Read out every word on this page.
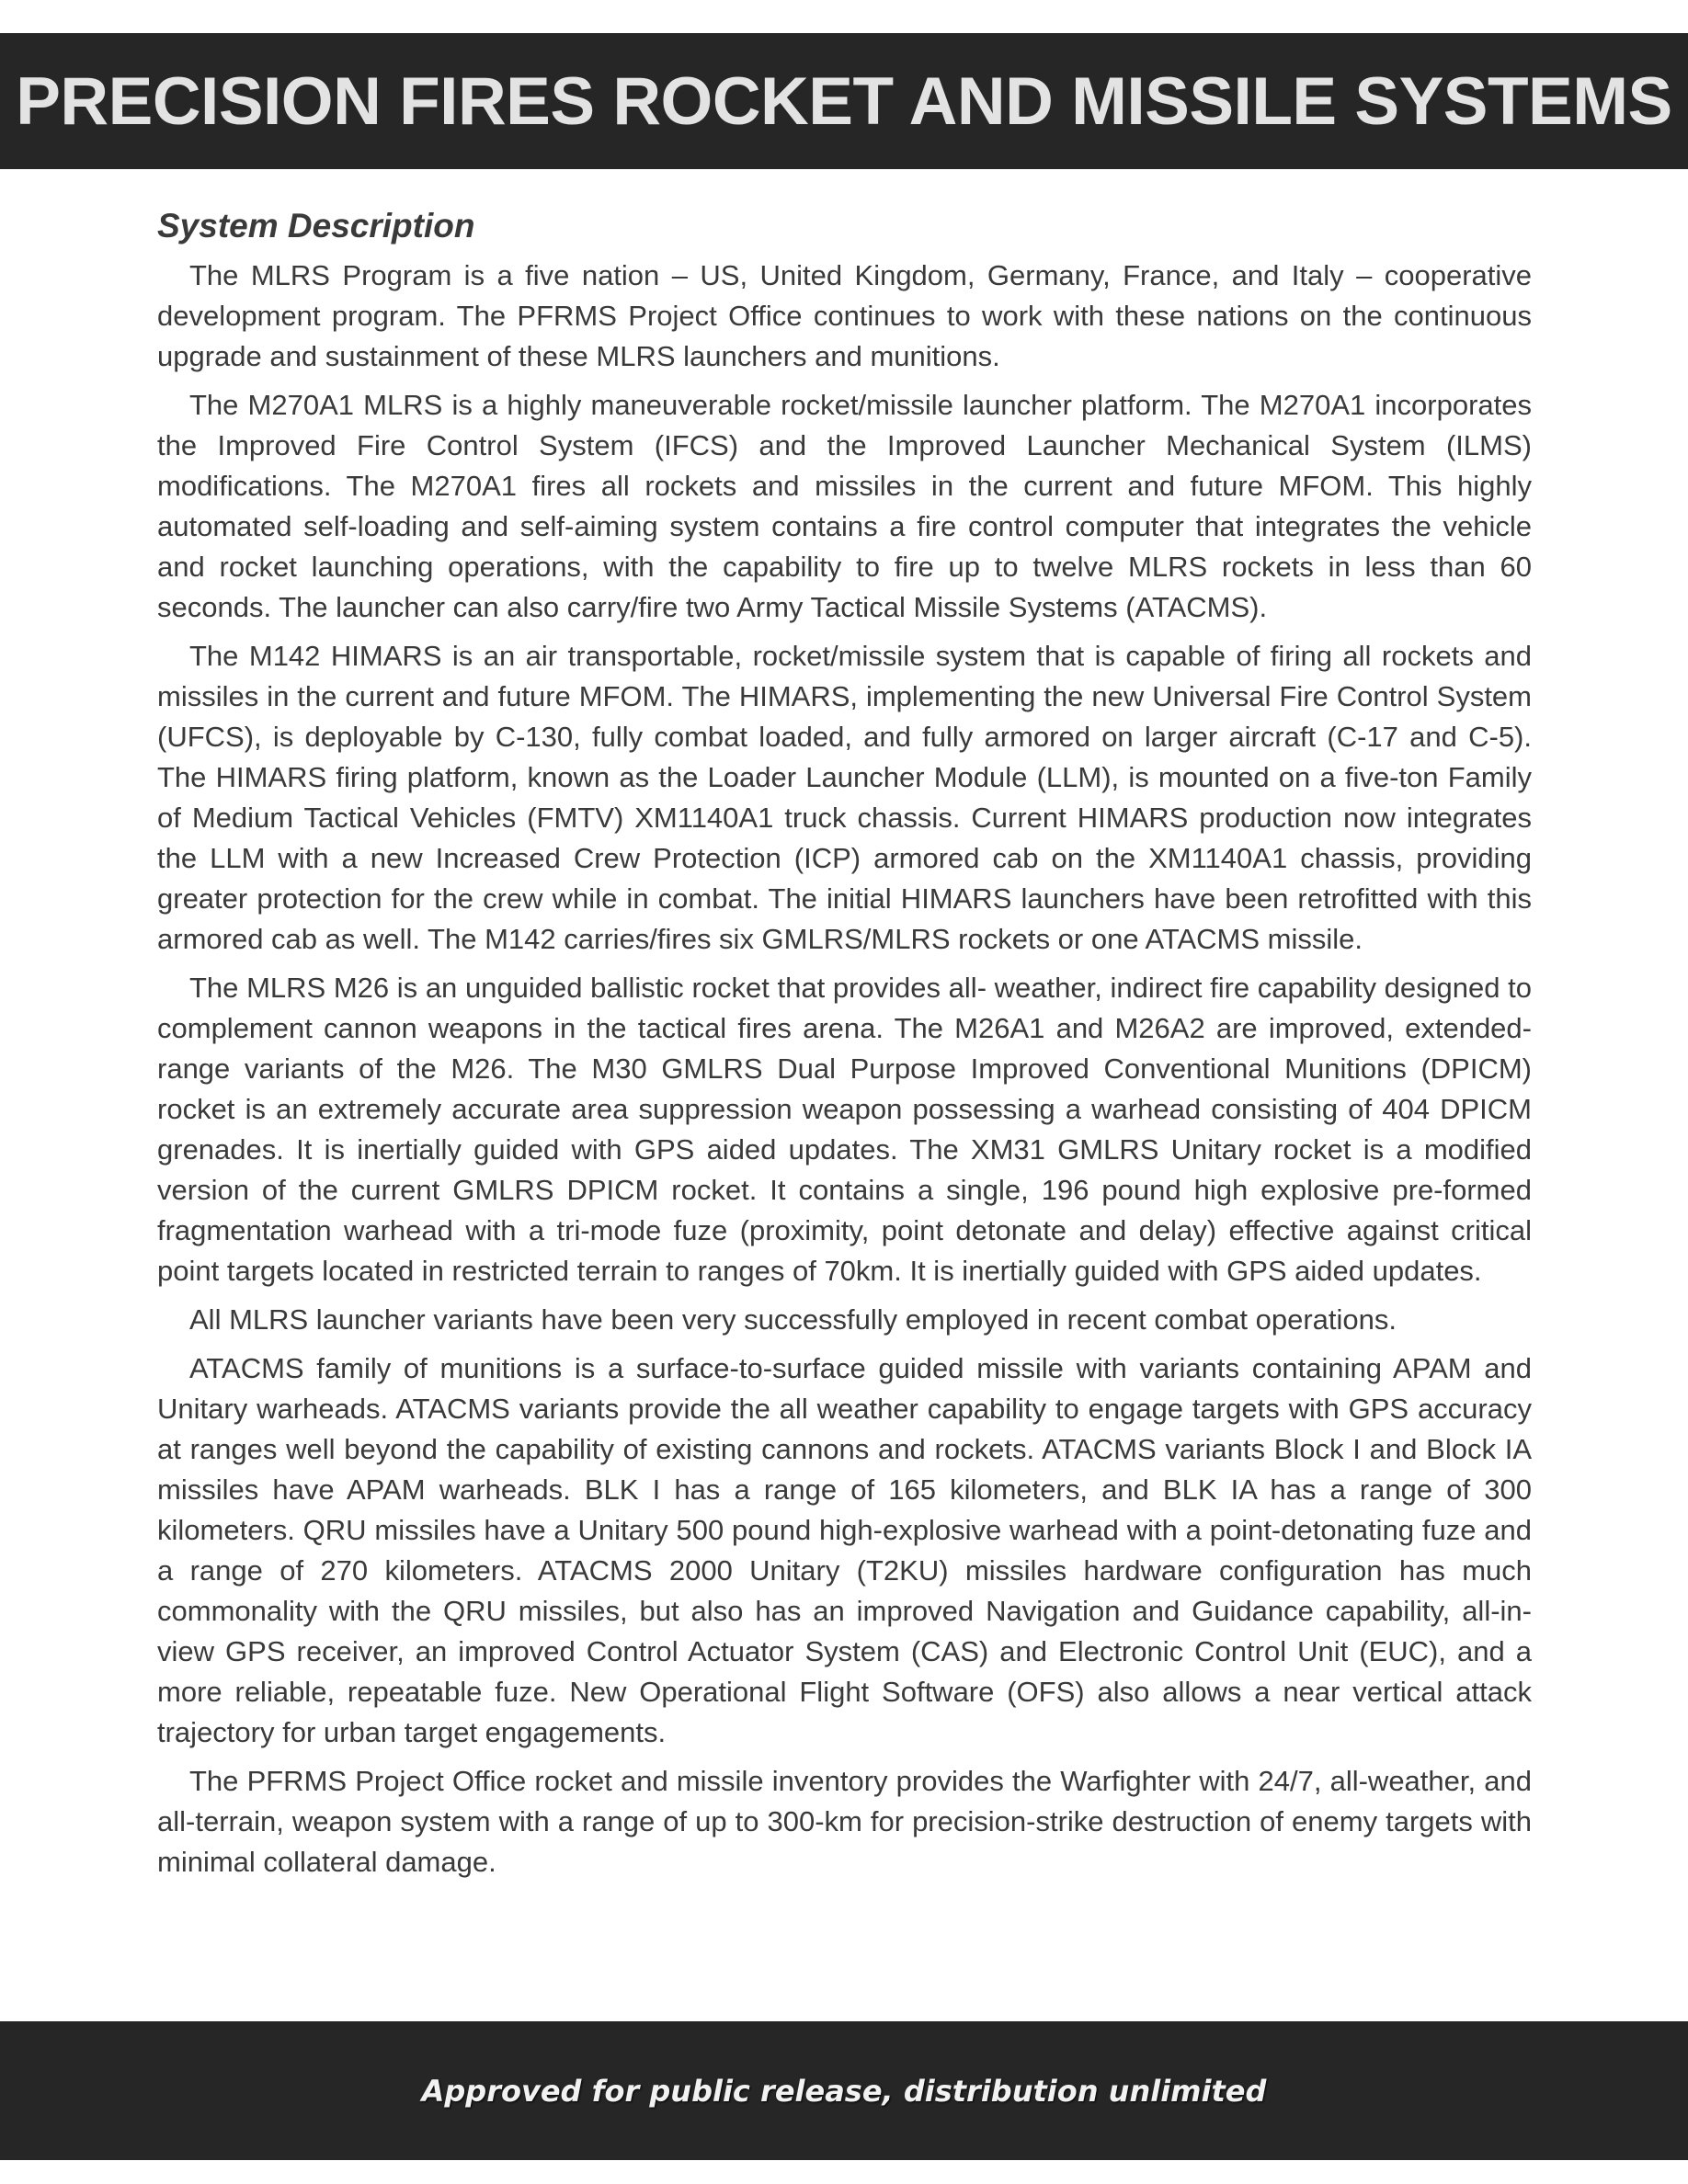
PRECISION FIRES ROCKET AND MISSILE SYSTEMS
System Description

The MLRS Program is a five nation – US, United Kingdom, Germany, France, and Italy – cooperative development program. The PFRMS Project Office continues to work with these nations on the continuous upgrade and sustainment of these MLRS launchers and munitions.

The M270A1 MLRS is a highly maneuverable rocket/missile launcher platform. The M270A1 incorporates the Improved Fire Control System (IFCS) and the Improved Launcher Mechanical System (ILMS) modifications. The M270A1 fires all rockets and missiles in the current and future MFOM. This highly automated self-loading and self-aiming system contains a fire control computer that integrates the vehicle and rocket launching operations, with the capability to fire up to twelve MLRS rockets in less than 60 seconds. The launcher can also carry/fire two Army Tactical Missile Systems (ATACMS).

The M142 HIMARS is an air transportable, rocket/missile system that is capable of firing all rockets and missiles in the current and future MFOM. The HIMARS, implementing the new Universal Fire Control System (UFCS), is deployable by C-130, fully combat loaded, and fully armored on larger aircraft (C-17 and C-5). The HIMARS firing platform, known as the Loader Launcher Module (LLM), is mounted on a five-ton Family of Medium Tactical Vehicles (FMTV) XM1140A1 truck chassis. Current HIMARS production now integrates the LLM with a new Increased Crew Protection (ICP) armored cab on the XM1140A1 chassis, providing greater protection for the crew while in combat. The initial HIMARS launchers have been retrofitted with this armored cab as well. The M142 carries/fires six GMLRS/MLRS rockets or one ATACMS missile.

The MLRS M26 is an unguided ballistic rocket that provides all- weather, indirect fire capability designed to complement cannon weapons in the tactical fires arena. The M26A1 and M26A2 are improved, extended-range variants of the M26. The M30 GMLRS Dual Purpose Improved Conventional Munitions (DPICM) rocket is an extremely accurate area suppression weapon possessing a warhead consisting of 404 DPICM grenades. It is inertially guided with GPS aided updates. The XM31 GMLRS Unitary rocket is a modified version of the current GMLRS DPICM rocket. It contains a single, 196 pound high explosive pre-formed fragmentation warhead with a tri-mode fuze (proximity, point detonate and delay) effective against critical point targets located in restricted terrain to ranges of 70km. It is inertially guided with GPS aided updates.

All MLRS launcher variants have been very successfully employed in recent combat operations.

ATACMS family of munitions is a surface-to-surface guided missile with variants containing APAM and Unitary warheads. ATACMS variants provide the all weather capability to engage targets with GPS accuracy at ranges well beyond the capability of existing cannons and rockets. ATACMS variants Block I and Block IA missiles have APAM warheads. BLK I has a range of 165 kilometers, and BLK IA has a range of 300 kilometers. QRU missiles have a Unitary 500 pound high-explosive warhead with a point-detonating fuze and a range of 270 kilometers. ATACMS 2000 Unitary (T2KU) missiles hardware configuration has much commonality with the QRU missiles, but also has an improved Navigation and Guidance capability, all-in-view GPS receiver, an improved Control Actuator System (CAS) and Electronic Control Unit (EUC), and a more reliable, repeatable fuze. New Operational Flight Software (OFS) also allows a near vertical attack trajectory for urban target engagements.

The PFRMS Project Office rocket and missile inventory provides the Warfighter with 24/7, all-weather, and all-terrain, weapon system with a range of up to 300-km for precision-strike destruction of enemy targets with minimal collateral damage.

Approved for public release, distribution unlimited
